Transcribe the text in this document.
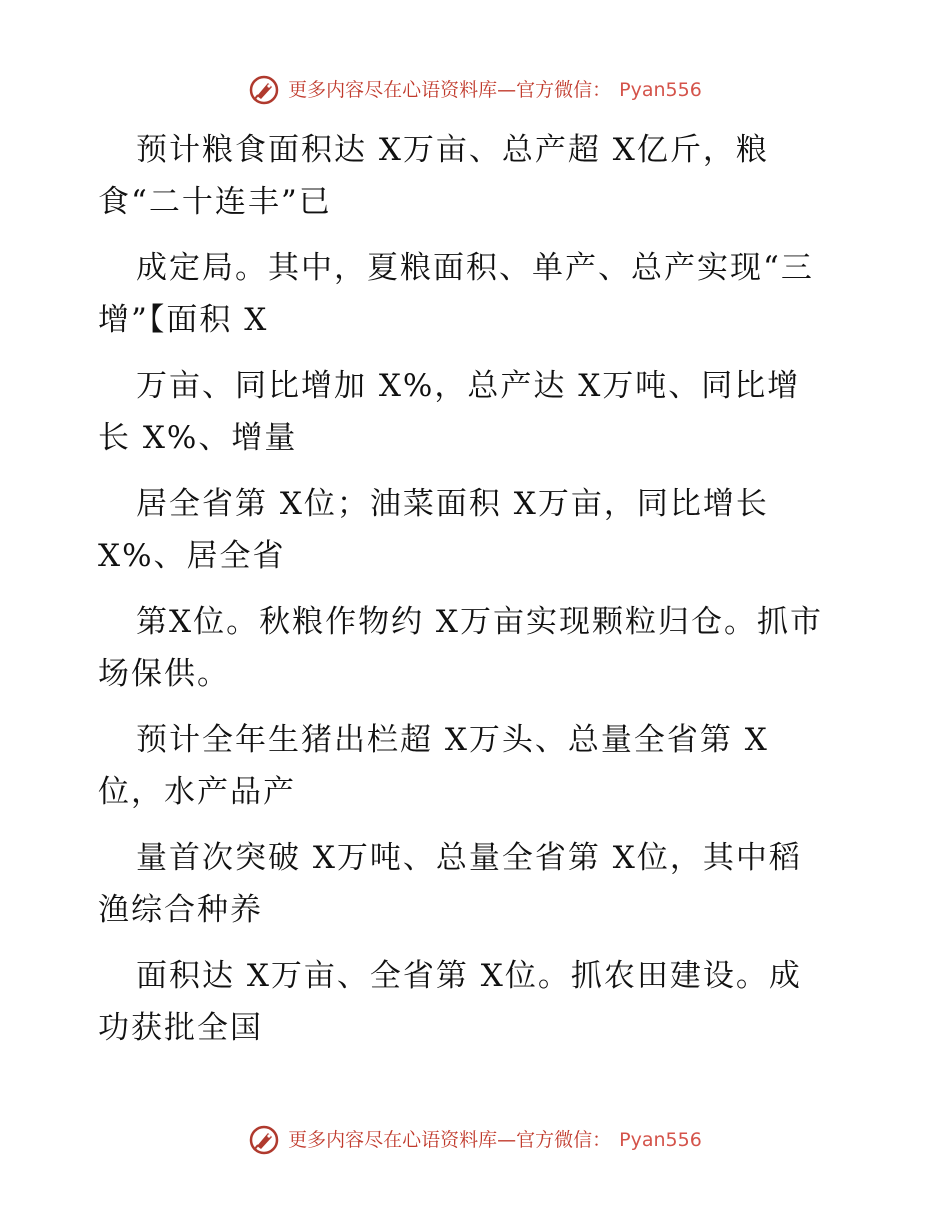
更多内容尽在心语资料库—官方微信： Pyan556
预计粮食面积达 X万亩、总产超 X亿斤，粮
食“二十连丰”已
成定局。其中，夏粮面积、单产、总产实现“三
增”【面积 X
万亩、同比增加 X%，总产达 X万吨、同比增
长 X%、增量
居全省第 X位；油菜面积 X万亩，同比增长
X%、居全省
第X位。秋粮作物约 X万亩实现颗粒归仓。抓市
场保供。
预计全年生猪出栏超 X万头、总量全省第 X
位，水产品产
量首次突破 X万吨、总量全省第 X位，其中稻
渔综合种养
面积达 X万亩、全省第 X位。抓农田建设。成
功获批全国
更多内容尽在心语资料库—官方微信： Pyan556
